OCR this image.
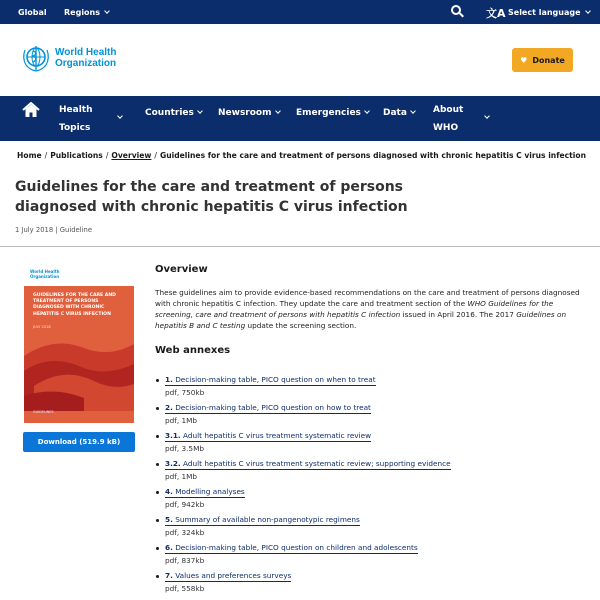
Global Regions	文A Select language
World Health
Organization	♥ Donate
Health
Topics
Countries	Newsroom	Emergencies	Data	About
WHO
Home / Publications / Overview / Guidelines for the care and treatment of persons diagnosed with chronic hepatitis C virus infection
Guidelines for the care and treatment of persons diagnosed with chronic hepatitis C virus infection
1 July 2018 | Guideline
World Health
Organization
GUIDELINES FOR THE CARE AND TREATMENT OF PERSONS DIAGNOSED WITH CHRONIC HEPATITIS C VIRUS INFECTION
JULY 2018
GUIDELINES
Download (519.9 kB)
Overview
These guidelines aim to provide evidence-based recommendations on the care and treatment of persons diagnosed with chronic hepatitis C infection. They update the care and treatment section of the WHO Guidelines for the screening, care and treatment of persons with hepatitis C infection issued in April 2016. The 2017 Guidelines on hepatitis B and C testing update the screening section.
Web annexes
1. Decision-making table, PICO question on when to treat
pdf, 750kb
2. Decision-making table, PICO question on how to treat
pdf, 1Mb
3.1. Adult hepatitis C virus treatment systematic review
pdf, 3.5Mb
3.2. Adult hepatitis C virus treatment systematic review; supporting evidence
pdf, 1Mb
4. Modelling analyses
pdf, 942kb
5. Summary of available non-pangenotypic regimens
pdf, 324kb
6. Decision-making table, PICO question on children and adolescents
pdf, 837kb
7. Values and preferences surveys
pdf, 558kb
